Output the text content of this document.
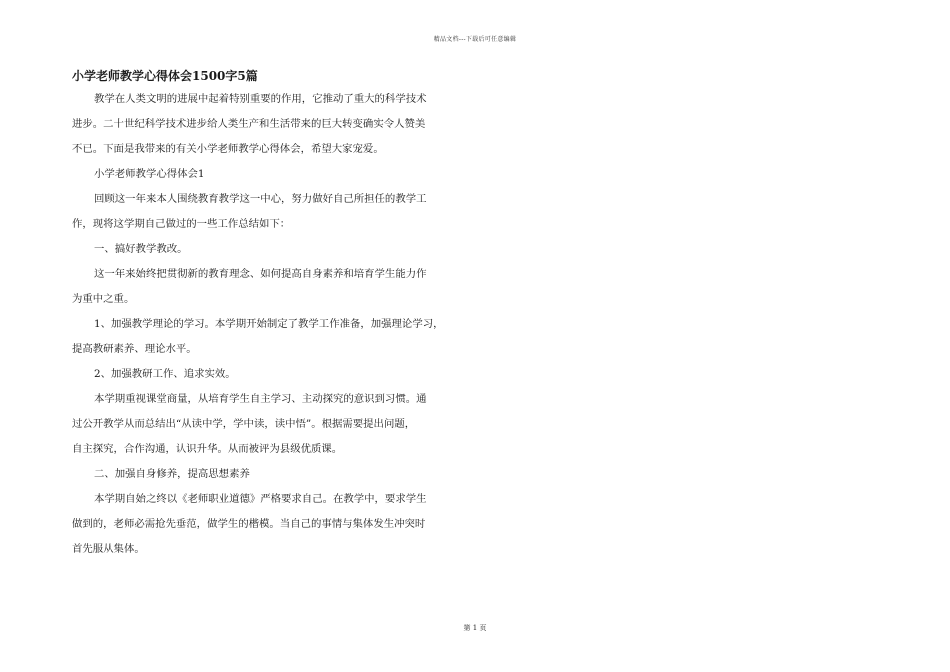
精品文档---下载后可任意编辑
小学老师教学心得体会1500字5篇
教学在人类文明的进展中起着特别重要的作用，它推动了重大的科学技术
进步。二十世纪科学技术进步给人类生产和生活带来的巨大转变确实令人赞美
不已。下面是我带来的有关小学老师教学心得体会，希望大家宠爱。
小学老师教学心得体会1
回顾这一年来本人围绕教育教学这一中心，努力做好自己所担任的教学工
作，现将这学期自己做过的一些工作总结如下：
一、搞好教学教改。
这一年来始终把贯彻新的教育理念、如何提高自身素养和培育学生能力作
为重中之重。
1、加强教学理论的学习。本学期开始制定了教学工作准备，加强理论学习，
提高教研素养、理论水平。
2、加强教研工作、追求实效。
本学期重视课堂商量，从培育学生自主学习、主动探究的意识到习惯。通
过公开教学从而总结出“从读中学，学中读，读中悟”。根据需要提出问题，
自主探究，合作沟通，认识升华。从而被评为县级优质课。
二、加强自身修养，提高思想素养
本学期自始之终以《老师职业道德》严格要求自己。在教学中，要求学生
做到的，老师必需抢先垂范，做学生的楷模。当自己的事情与集体发生冲突时
首先服从集体。
第 1 页
